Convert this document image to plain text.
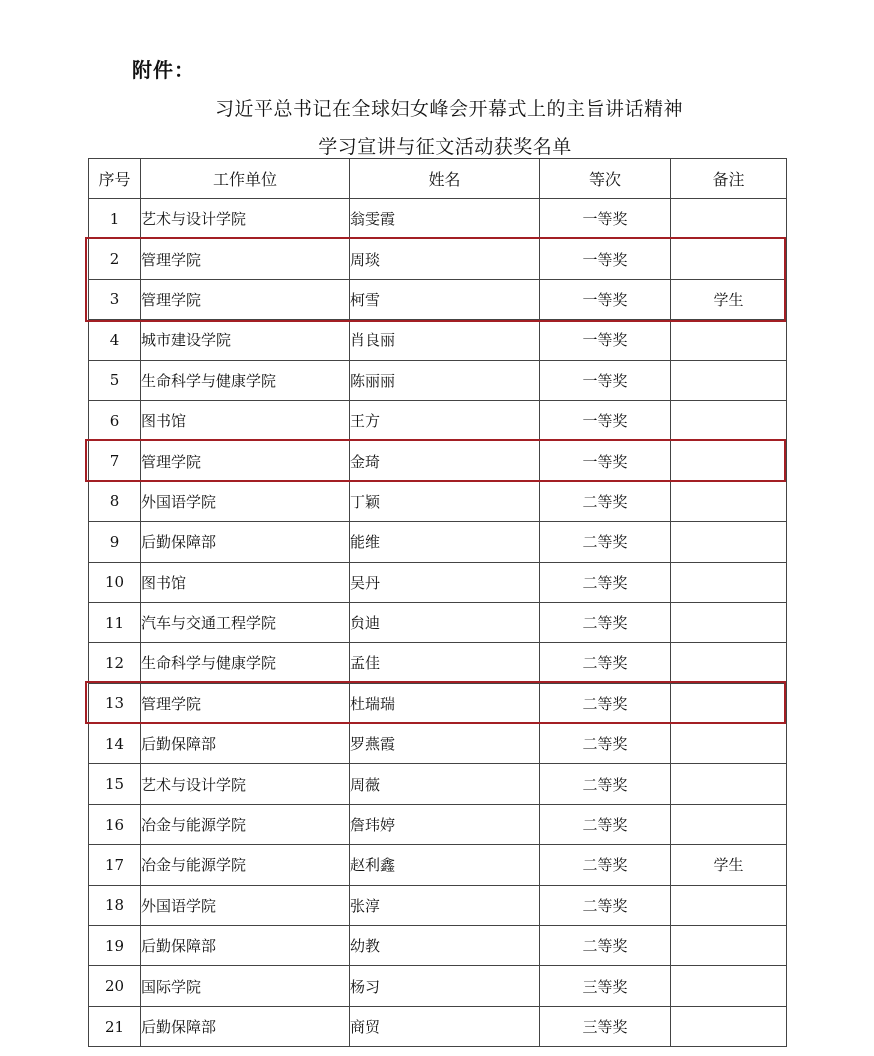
附件：
习近平总书记在全球妇女峰会开幕式上的主旨讲话精神
学习宣讲与征文活动获奖名单
序号	工作单位	姓名	等次	备注
1	艺术与设计学院	翁雯霞	一等奖	
2	管理学院	周琰	一等奖	
3	管理学院	柯雪	一等奖	学生
4	城市建设学院	肖良丽	一等奖	
5	生命科学与健康学院	陈丽丽	一等奖	
6	图书馆	王方	一等奖	
7	管理学院	金琦	一等奖	
8	外国语学院	丁颖	二等奖	
9	后勤保障部	能维	二等奖	
10	图书馆	吴丹	二等奖	
11	汽车与交通工程学院	贠迪	二等奖	
12	生命科学与健康学院	孟佳	二等奖	
13	管理学院	杜瑞瑞	二等奖	
14	后勤保障部	罗燕霞	二等奖	
15	艺术与设计学院	周薇	二等奖	
16	冶金与能源学院	詹玮婷	二等奖	
17	冶金与能源学院	赵利鑫	二等奖	学生
18	外国语学院	张淳	二等奖	
19	后勤保障部	幼教	二等奖	
20	国际学院	杨习	三等奖	
21	后勤保障部	商贸	三等奖	
